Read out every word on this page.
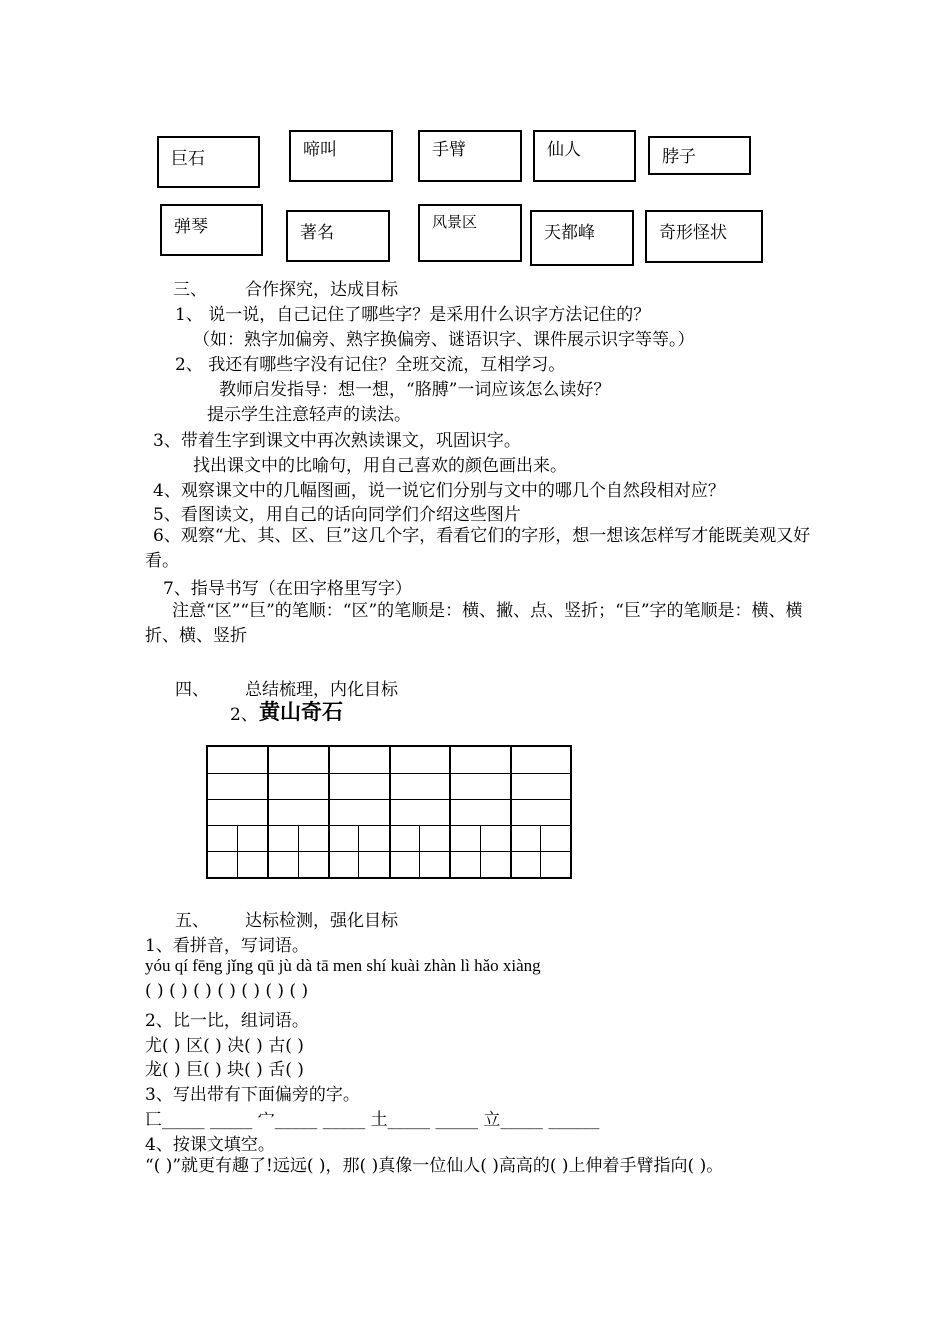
巨石	啼叫	手臂	仙人	脖子
弹琴	著名
风景区
天都峰	奇形怪状
三、 合作探究，达成目标
1、 说一说，自己记住了哪些字？是采用什么识字方法记住的？
（如：熟字加偏旁、熟字换偏旁、谜语识字、课件展示识字等等。）
2、 我还有哪些字没有记住？全班交流，互相学习。
教师启发指导：想一想，“胳膊”一词应该怎么读好？
提示学生注意轻声的读法。
3、带着生字到课文中再次熟读课文，巩固识字。
找出课文中的比喻句，用自己喜欢的颜色画出来。
4、观察课文中的几幅图画，说一说它们分别与文中的哪几个自然段相对应？
5、看图读文，用自己的话向同学们介绍这些图片
6、观察“尤、其、区、巨”这几个字，看看它们的字形，想一想该怎样写才能既美观又好看。
7、指导书写（在田字格里写字）
注意“区”“巨”的笔顺：“区”的笔顺是：横、撇、点、竖折；“巨”字的笔顺是：横、横折、横、竖折
四、 总结梳理，内化目标
2、 黄山奇石
五、 达标检测，强化目标
1、看拼音，写词语。
yóu qí fēng jǐng qū jù dà tā men shí kuài zhàn lì hǎo xiàng
( ) ( ) ( ) ( ) ( ) ( ) ( )
2、比一比，组词语。
尤( ) 区( ) 决( ) 古( )
龙( ) 巨( ) 块( ) 舌( )
3、写出带有下面偏旁的字。
匸_____ _____ 宀_____ _____ 土_____ _____ 立_____ ______
4、按课文填空。
“( )”就更有趣了!远远( )，那( )真像一位仙人( )高高的( )上伸着手臂指向( )。
